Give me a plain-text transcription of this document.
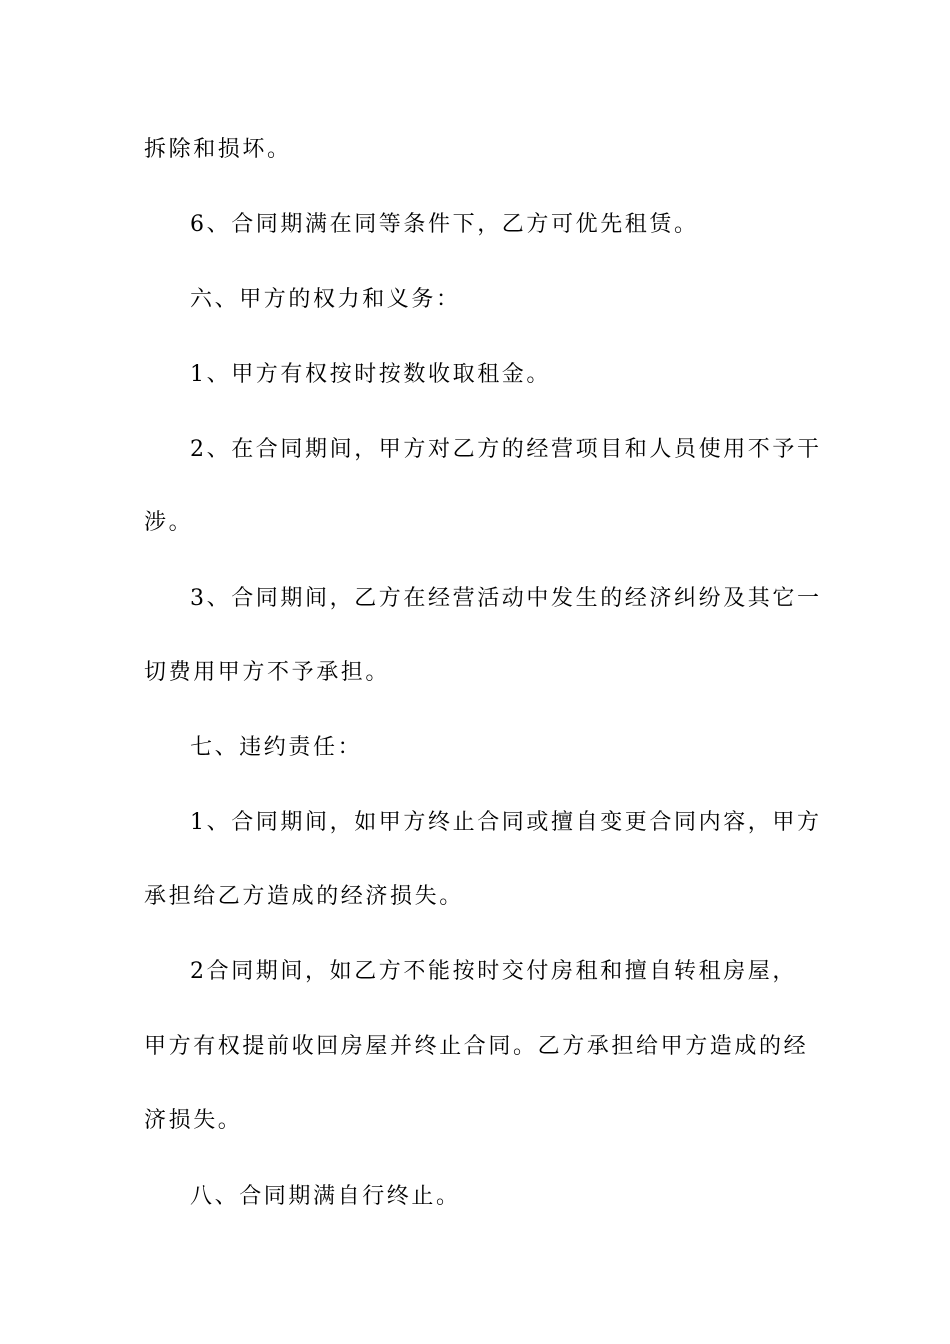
拆除和损坏。
6、合同期满在同等条件下，乙方可优先租赁。
六、甲方的权力和义务：
1、甲方有权按时按数收取租金。
2、在合同期间，甲方对乙方的经营项目和人员使用不予干
涉。
3、合同期间，乙方在经营活动中发生的经济纠纷及其它一
切费用甲方不予承担。
七、违约责任：
1、合同期间，如甲方终止合同或擅自变更合同内容，甲方
承担给乙方造成的经济损失。
2合同期间，如乙方不能按时交付房租和擅自转租房屋，
甲方有权提前收回房屋并终止合同。乙方承担给甲方造成的经
济损失。
八、合同期满自行终止。
